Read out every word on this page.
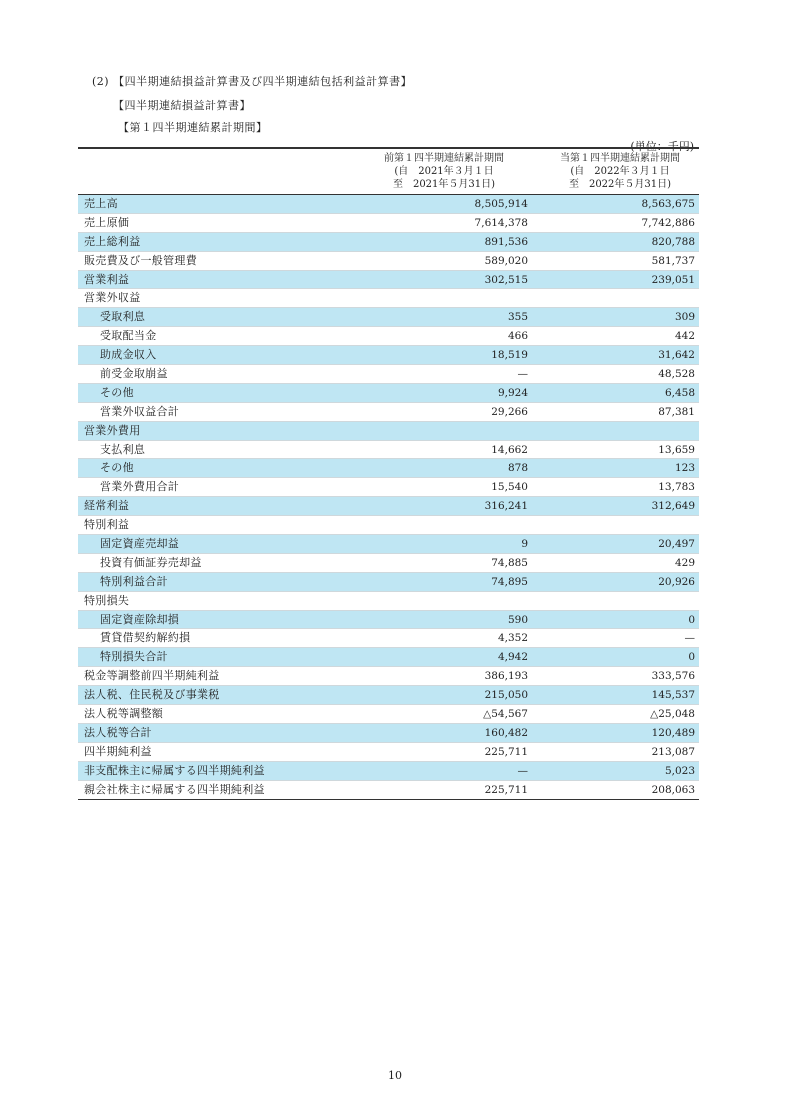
(2) 【四半期連結損益計算書及び四半期連結包括利益計算書】
【四半期連結損益計算書】
【第１四半期連結累計期間】
(単位：千円)
前第１四半期連結累計期間
(自　2021年３月１日
至　2021年５月31日)
当第１四半期連結累計期間
(自　2022年３月１日
至　2022年５月31日)
売上高	8,505,914	8,563,675
売上原価	7,614,378	7,742,886
売上総利益	891,536	820,788
販売費及び一般管理費	589,020	581,737
営業利益	302,515	239,051
営業外収益
受取利息	355	309
受取配当金	466	442
助成金収入	18,519	31,642
前受金取崩益	—	48,528
その他	9,924	6,458
営業外収益合計	29,266	87,381
営業外費用
支払利息	14,662	13,659
その他	878	123
営業外費用合計	15,540	13,783
経常利益	316,241	312,649
特別利益
固定資産売却益	9	20,497
投資有価証券売却益	74,885	429
特別利益合計	74,895	20,926
特別損失
固定資産除却損	590	0
賃貸借契約解約損	4,352	—
特別損失合計	4,942	0
税金等調整前四半期純利益	386,193	333,576
法人税、住民税及び事業税	215,050	145,537
法人税等調整額	△54,567	△25,048
法人税等合計	160,482	120,489
四半期純利益	225,711	213,087
非支配株主に帰属する四半期純利益	—	5,023
親会社株主に帰属する四半期純利益	225,711	208,063
10
